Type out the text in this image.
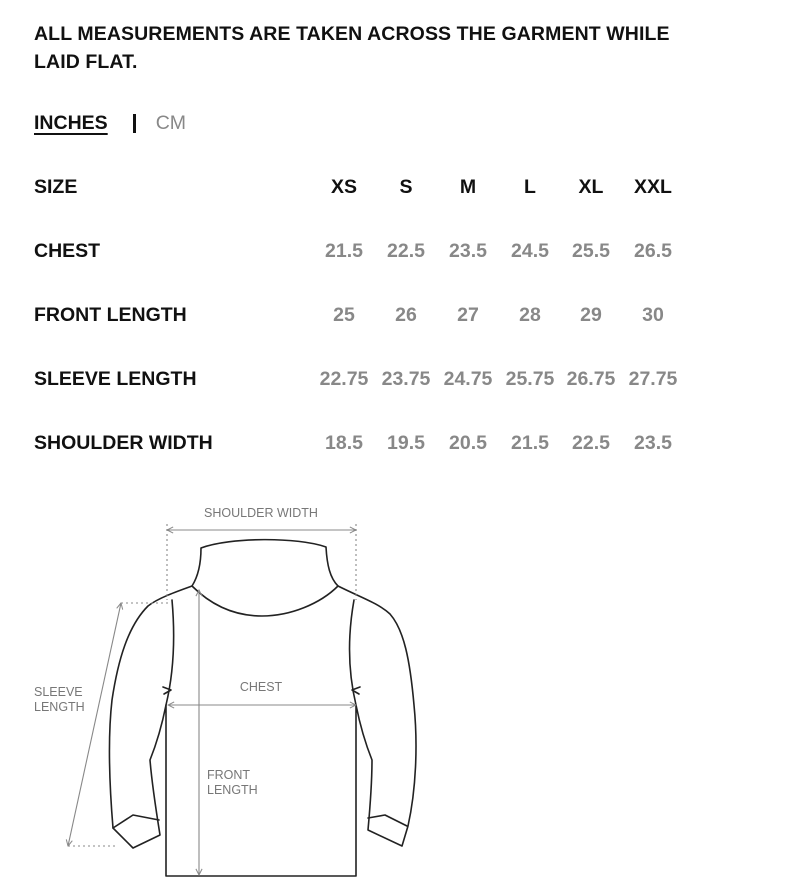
ALL MEASUREMENTS ARE TAKEN ACROSS THE GARMENT WHILE
LAID FLAT.
INCHES CM
SIZE	XS	S	M	L	XL	XXL
CHEST	21.5	22.5	23.5	24.5	25.5	26.5
FRONT LENGTH	25	26	27	28	29	30
SLEEVE LENGTH	22.75 23.75 24.75 25.75 26.75 27.75
SHOULDER WIDTH	18.5	19.5	20.5	21.5	22.5	23.5
SHOULDER WIDTH
CHEST
SLEEVE
LENGTH
FRONT
LENGTH
